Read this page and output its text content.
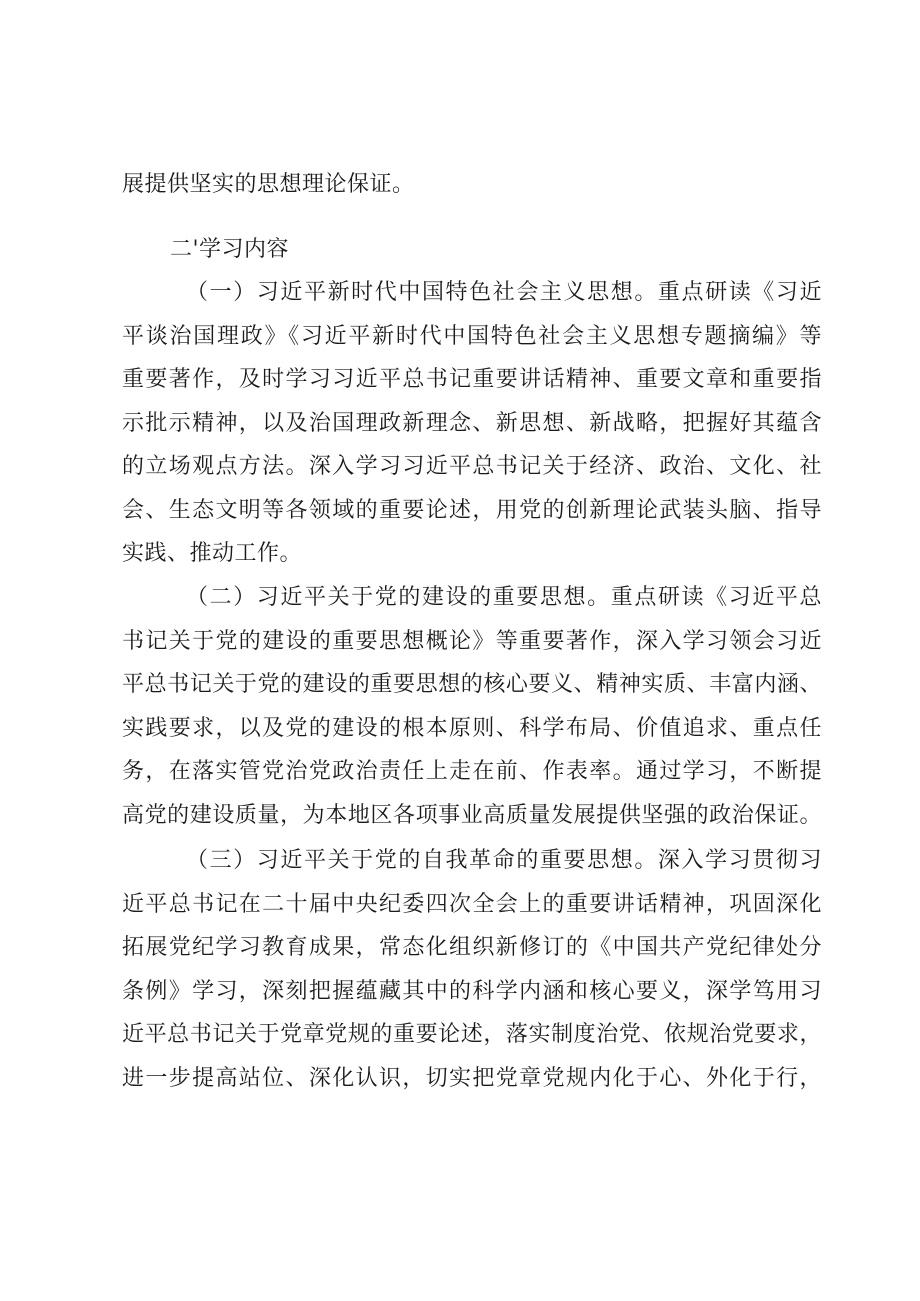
展提供坚实的思想理论保证。
二'学习内容
（一）习近平新时代中国特色社会主义思想。重点研读《习近
平谈治国理政》《习近平新时代中国特色社会主义思想专题摘编》等
重要著作，及时学习习近平总书记重要讲话精神、重要文章和重要指
示批示精神，以及治国理政新理念、新思想、新战略，把握好其蕴含
的立场观点方法。深入学习习近平总书记关于经济、政治、文化、社
会、生态文明等各领域的重要论述，用党的创新理论武装头脑、指导
实践、推动工作。
（二）习近平关于党的建设的重要思想。重点研读《习近平总
书记关于党的建设的重要思想概论》等重要著作，深入学习领会习近
平总书记关于党的建设的重要思想的核心要义、精神实质、丰富内涵、
实践要求，以及党的建设的根本原则、科学布局、价值追求、重点任
务，在落实管党治党政治责任上走在前、作表率。通过学习，不断提
高党的建设质量，为本地区各项事业高质量发展提供坚强的政治保证。
（三）习近平关于党的自我革命的重要思想。深入学习贯彻习
近平总书记在二十届中央纪委四次全会上的重要讲话精神，巩固深化
拓展党纪学习教育成果，常态化组织新修订的《中国共产党纪律处分
条例》学习，深刻把握蕴藏其中的科学内涵和核心要义，深学笃用习
近平总书记关于党章党规的重要论述，落实制度治党、依规治党要求，
进一步提高站位、深化认识，切实把党章党规内化于心、外化于行，
